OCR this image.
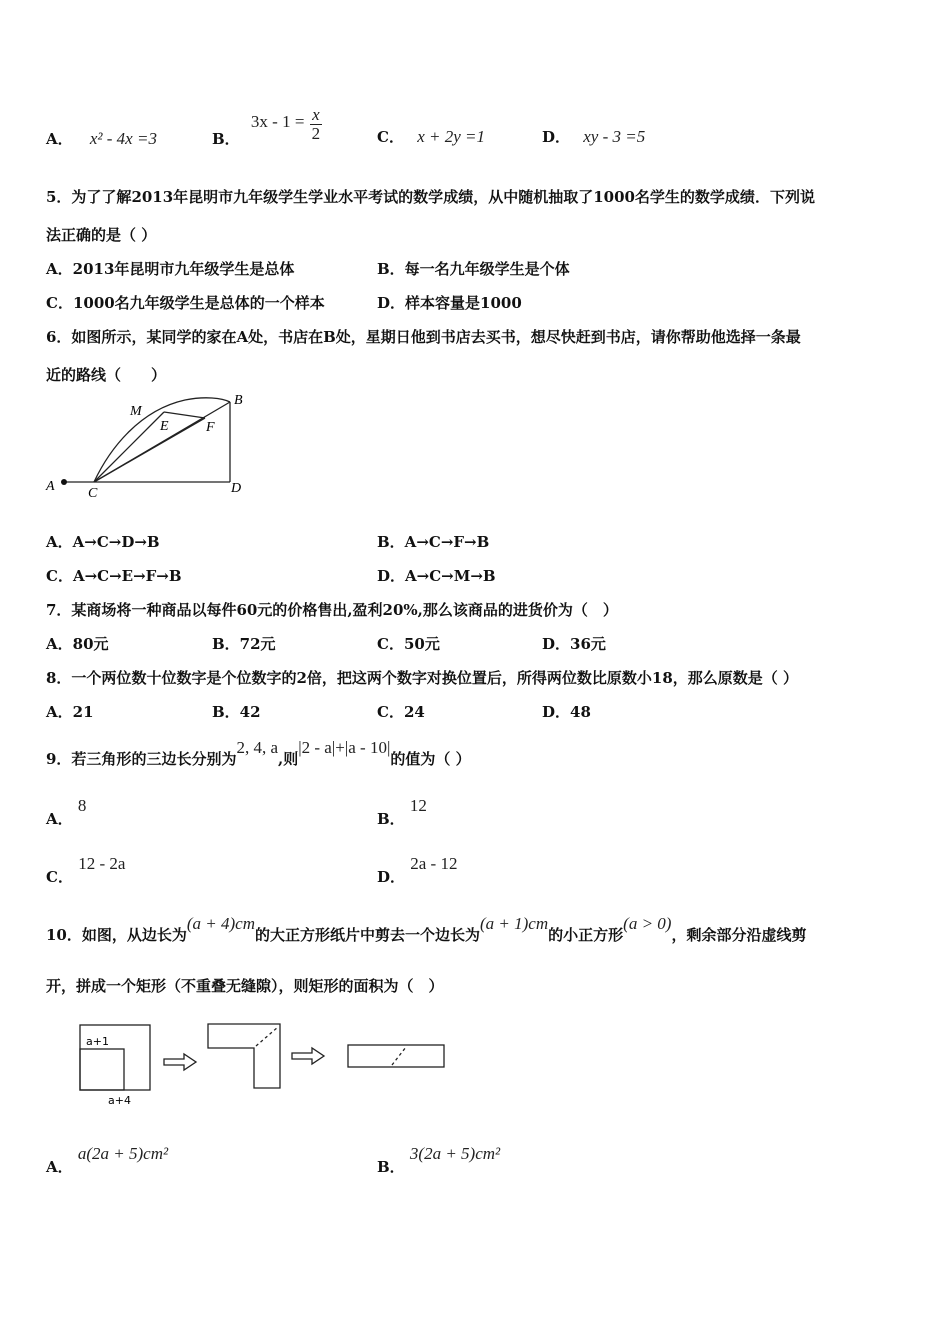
A． x² - 4x =3	B． $3x - 1 = \frac{x}{2}$	C． x + 2y =1	D． xy - 3 =5
5．为了了解2013年昆明市九年级学生学业水平考试的数学成绩，从中随机抽取了1000名学生的数学成绩．下列说
法正确的是（ ）
A．2013年昆明市九年级学生是总体	B．每一名九年级学生是个体
C．1000名九年级学生是总体的一个样本	D．样本容量是1000
6．如图所示，某同学的家在A处，书店在B处，星期日他到书店去买书，想尽快赶到书店，请你帮助他选择一条最
近的路线（　　）
A C	D
B
M
E	F
A．A→C→D→B	B．A→C→F→B
C．A→C→E→F→B	D．A→C→M→B
7．某商场将一种商品以每件60元的价格售出,盈利20%,那么该商品的进货价为（　）
A．80元	B．72元	C．50元	D．36元
8．一个两位数十位数字是个位数字的2倍，把这两个数字对换位置后，所得两位数比原数小18，那么原数是（ ）
A．21	B．42	C．24	D．48
9．若三角形的三边长分别为2, 4, a,则|2 - a|+|a - 10|的值为（ ）
A． 8
B． 12
C． 12 - 2a
D． 2a - 12
10．如图，从边长为(a + 4)cm的大正方形纸片中剪去一个边长为(a + 1)cm的小正方形(a > 0)，剩余部分沿虚线剪
开，拼成一个矩形（不重叠无缝隙），则矩形的面积为（　）
a+1
a+4
A． a(2a + 5)cm²
B． 3(2a + 5)cm²
